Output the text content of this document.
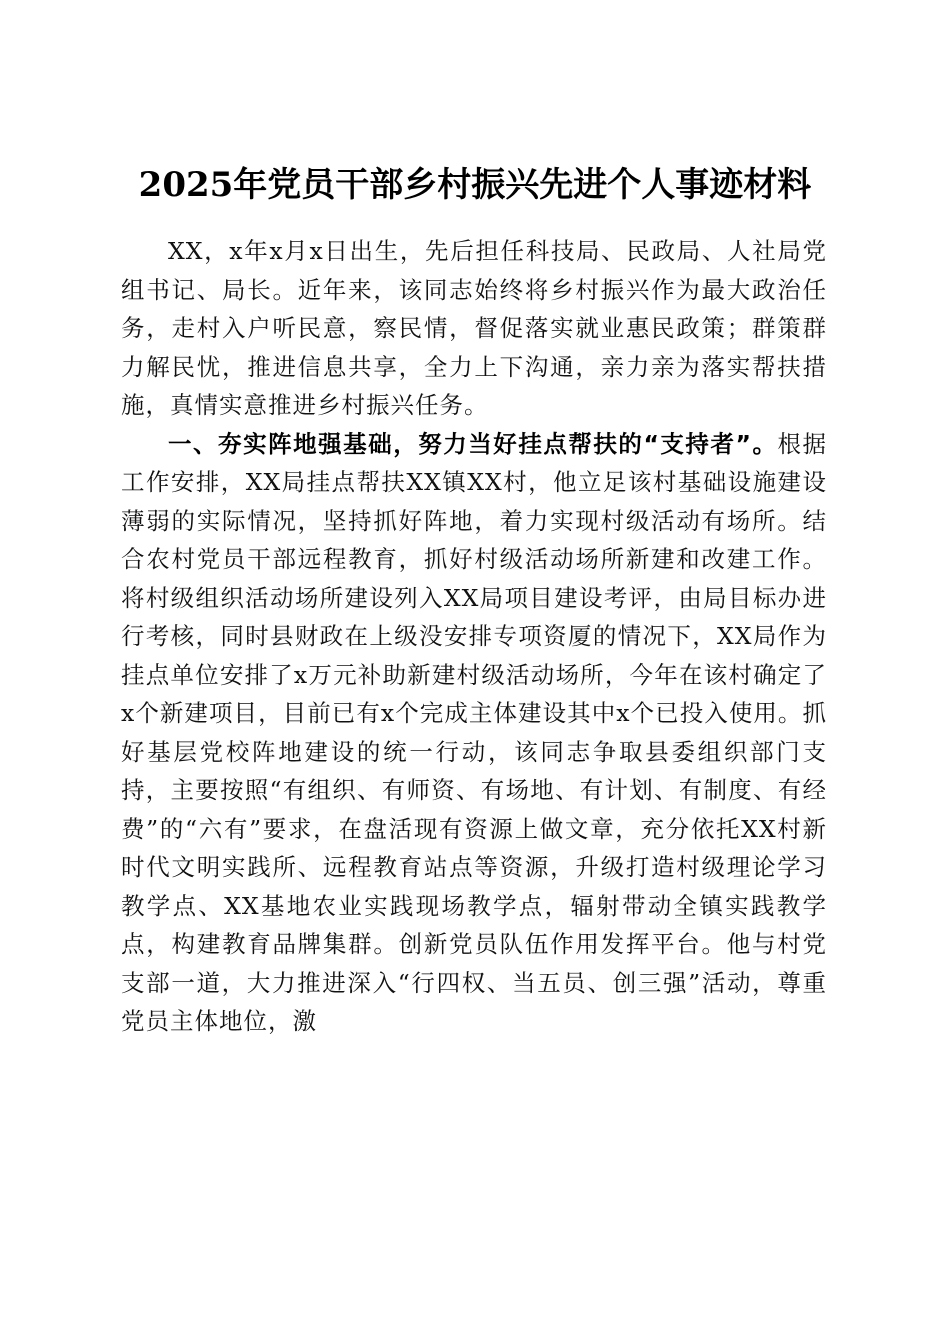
2025年党员干部乡村振兴先进个人事迹材料

XX，x年x月x日出生，先后担任科技局、民政局、人社局党组书记、局长。近年来，该同志始终将乡村振兴作为最大政治任务，走村入户听民意，察民情，督促落实就业惠民政策；群策群力解民忧，推进信息共享，全力上下沟通，亲力亲为落实帮扶措施，真情实意推进乡村振兴任务。

一、夯实阵地强基础，努力当好挂点帮扶的“支持者”。根据工作安排，XX局挂点帮扶XX镇XX村，他立足该村基础设施建设薄弱的实际情况，坚持抓好阵地，着力实现村级活动有场所。结合农村党员干部远程教育，抓好村级活动场所新建和改建工作。将村级组织活动场所建设列入XX局项目建设考评，由局目标办进行考核，同时县财政在上级没安排专项资厦的情况下，XX局作为挂点单位安排了x万元补助新建村级活动场所，今年在该村确定了x个新建项目，目前已有x个完成主体建设其中x个已投入使用。抓好基层党校阵地建设的统一行动，该同志争取县委组织部门支持，主要按照“有组织、有师资、有场地、有计划、有制度、有经费”的“六有”要求，在盘活现有资源上做文章，充分依托XX村新时代文明实践所、远程教育站点等资源，升级打造村级理论学习教学点、XX基地农业实践现场教学点，辐射带动全镇实践教学点，构建教育品牌集群。创新党员队伍作用发挥平台。他与村党支部一道，大力推进深入“行四权、当五员、创三强”活动，尊重党员主体地位，激
